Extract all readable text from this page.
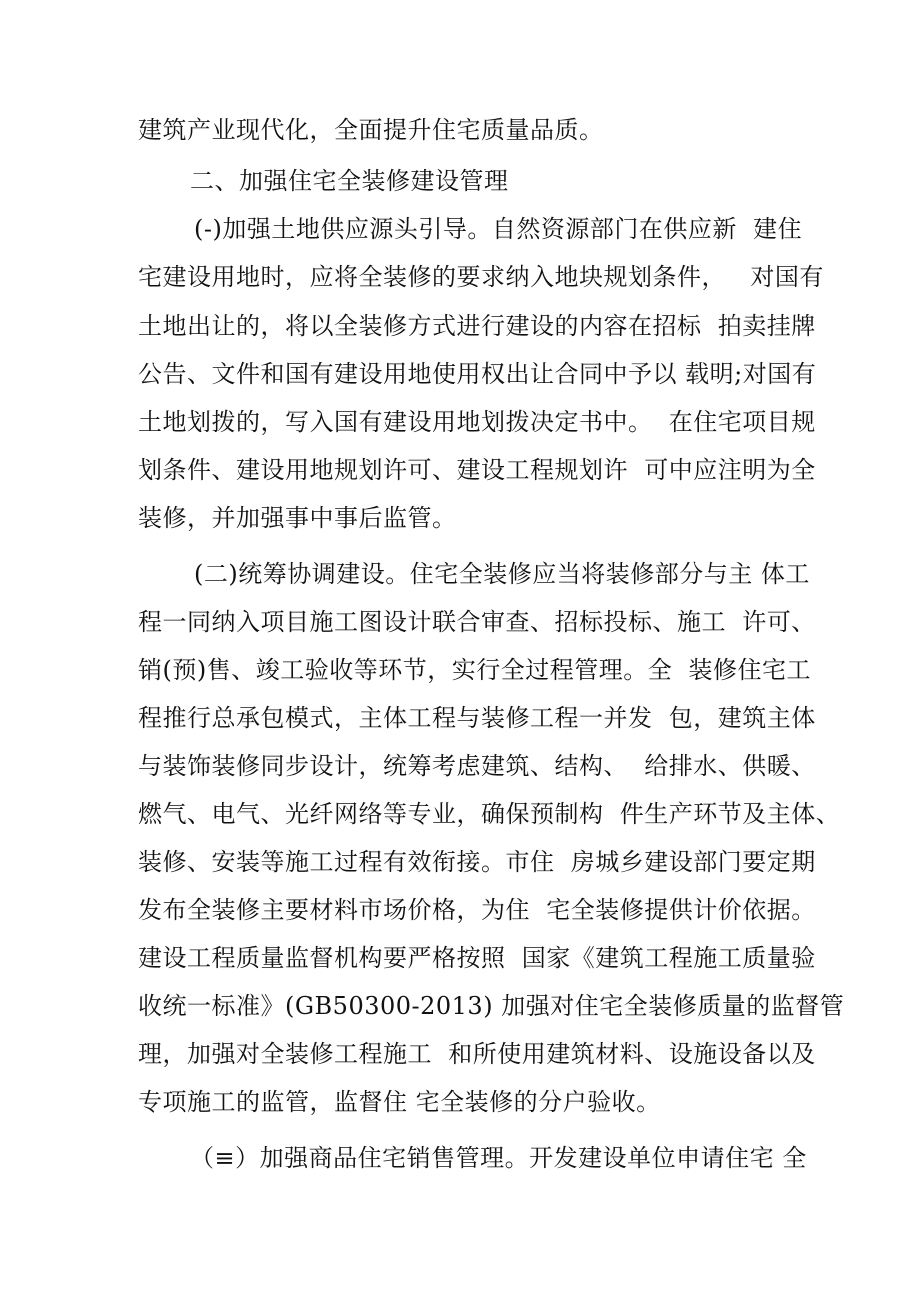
建筑产业现代化，全面提升住宅质量品质。

二、加强住宅全装修建设管理

(-)加强土地供应源头引导。自然资源部门在供应新  建住

宅建设用地时，应将全装修的要求纳入地块规划条件，   对国有

土地出让的，将以全装修方式进行建设的内容在招标  拍卖挂牌

公告、文件和国有建设用地使用权出让合同中予以 载明;对国有

土地划拨的，写入国有建设用地划拨决定书中。  在住宅项目规

划条件、建设用地规划许可、建设工程规划许  可中应注明为全

装修，并加强事中事后监管。

(二)统筹协调建设。住宅全装修应当将装修部分与主 体工

程一同纳入项目施工图设计联合审查、招标投标、施工  许可、

销(预)售、竣工验收等环节，实行全过程管理。全  装修住宅工

程推行总承包模式，主体工程与装修工程一并发  包，建筑主体

与装饰装修同步设计，统筹考虑建筑、结构、  给排水、供暖、

燃气、电气、光纤网络等专业，确保预制构  件生产环节及主体、

装修、安装等施工过程有效衔接。市住  房城乡建设部门要定期

发布全装修主要材料市场价格，为住  宅全装修提供计价依据。

建设工程质量监督机构要严格按照  国家《建筑工程施工质量验

收统一标准》(GB50300-2013) 加强对住宅全装修质量的监督管

理，加强对全装修工程施工  和所使用建筑材料、设施设备以及

专项施工的监管，监督住 宅全装修的分户验收。

（≡）加强商品住宅销售管理。开发建设单位申请住宅 全
